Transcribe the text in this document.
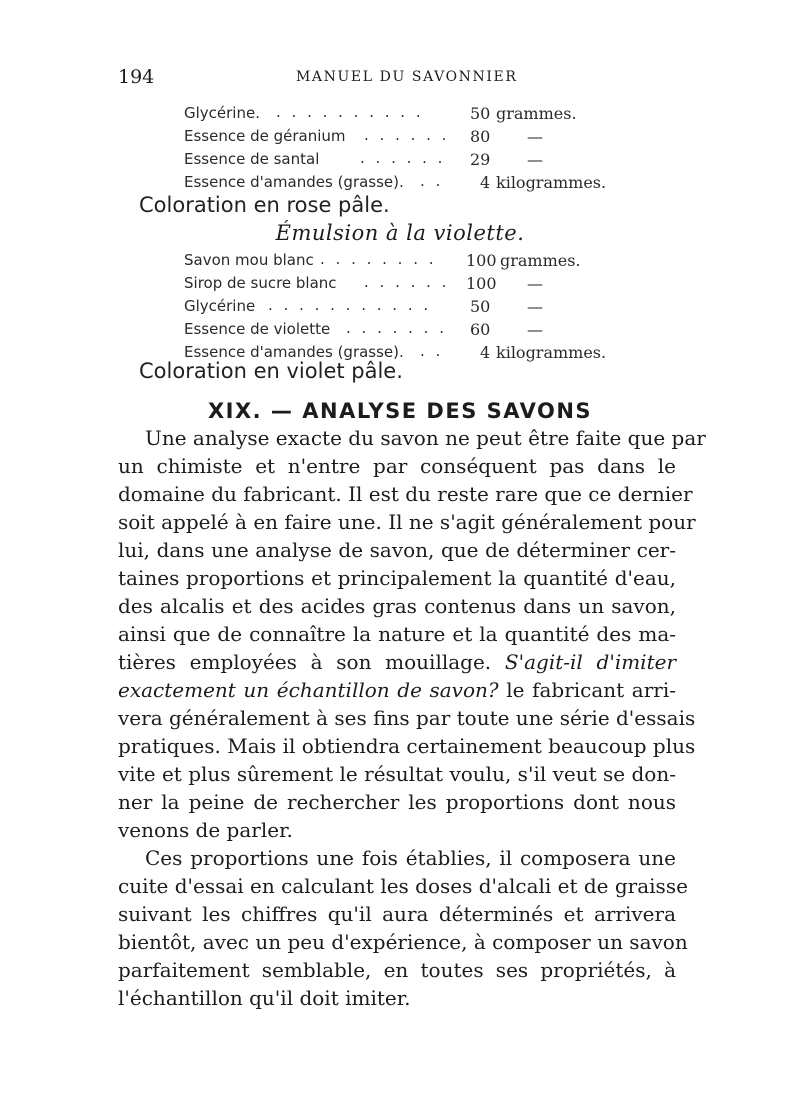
194	MANUEL DU SAVONNIER
Glycérine. . . . . . . . . . .	50 grammes.
Essence de géranium . . . . . . 80 —
Essence de santal	. . . . . . 29 —
Essence d'amandes (grasse). . . 4 kilogrammes.
Coloration en rose pâle.
Émulsion à la violette.
Savon mou blanc . . . . . . . . 100 grammes.
Sirop de sucre blanc . . . . . . 100 —
Glycérine . . . . . . . . . . . 50 —
Essence de violette . . . . . . . 60 —
Essence d'amandes (grasse). . . 4 kilogrammes.
Coloration en violet pâle.
XIX. — ANALYSE DES SAVONS
Une analyse exacte du savon ne peut être faite que par
un chimiste et n'entre par conséquent pas dans le
domaine du fabricant. Il est du reste rare que ce dernier
soit appelé à en faire une. Il ne s'agit généralement pour
lui, dans une analyse de savon, que de déterminer cer-
taines proportions et principalement la quantité d'eau,
des alcalis et des acides gras contenus dans un savon,
ainsi que de connaître la nature et la quantité des ma-
tières employées à son mouillage. S'agit-il d'imiter
exactement un échantillon de savon? le fabricant arri-
vera généralement à ses fins par toute une série d'essais
pratiques. Mais il obtiendra certainement beaucoup plus
vite et plus sûrement le résultat voulu, s'il veut se don-
ner la peine de rechercher les proportions dont nous
venons de parler.
Ces proportions une fois établies, il composera une
cuite d'essai en calculant les doses d'alcali et de graisse
suivant les chiffres qu'il aura déterminés et arrivera
bientôt, avec un peu d'expérience, à composer un savon
parfaitement semblable, en toutes ses propriétés, à
l'échantillon qu'il doit imiter.
